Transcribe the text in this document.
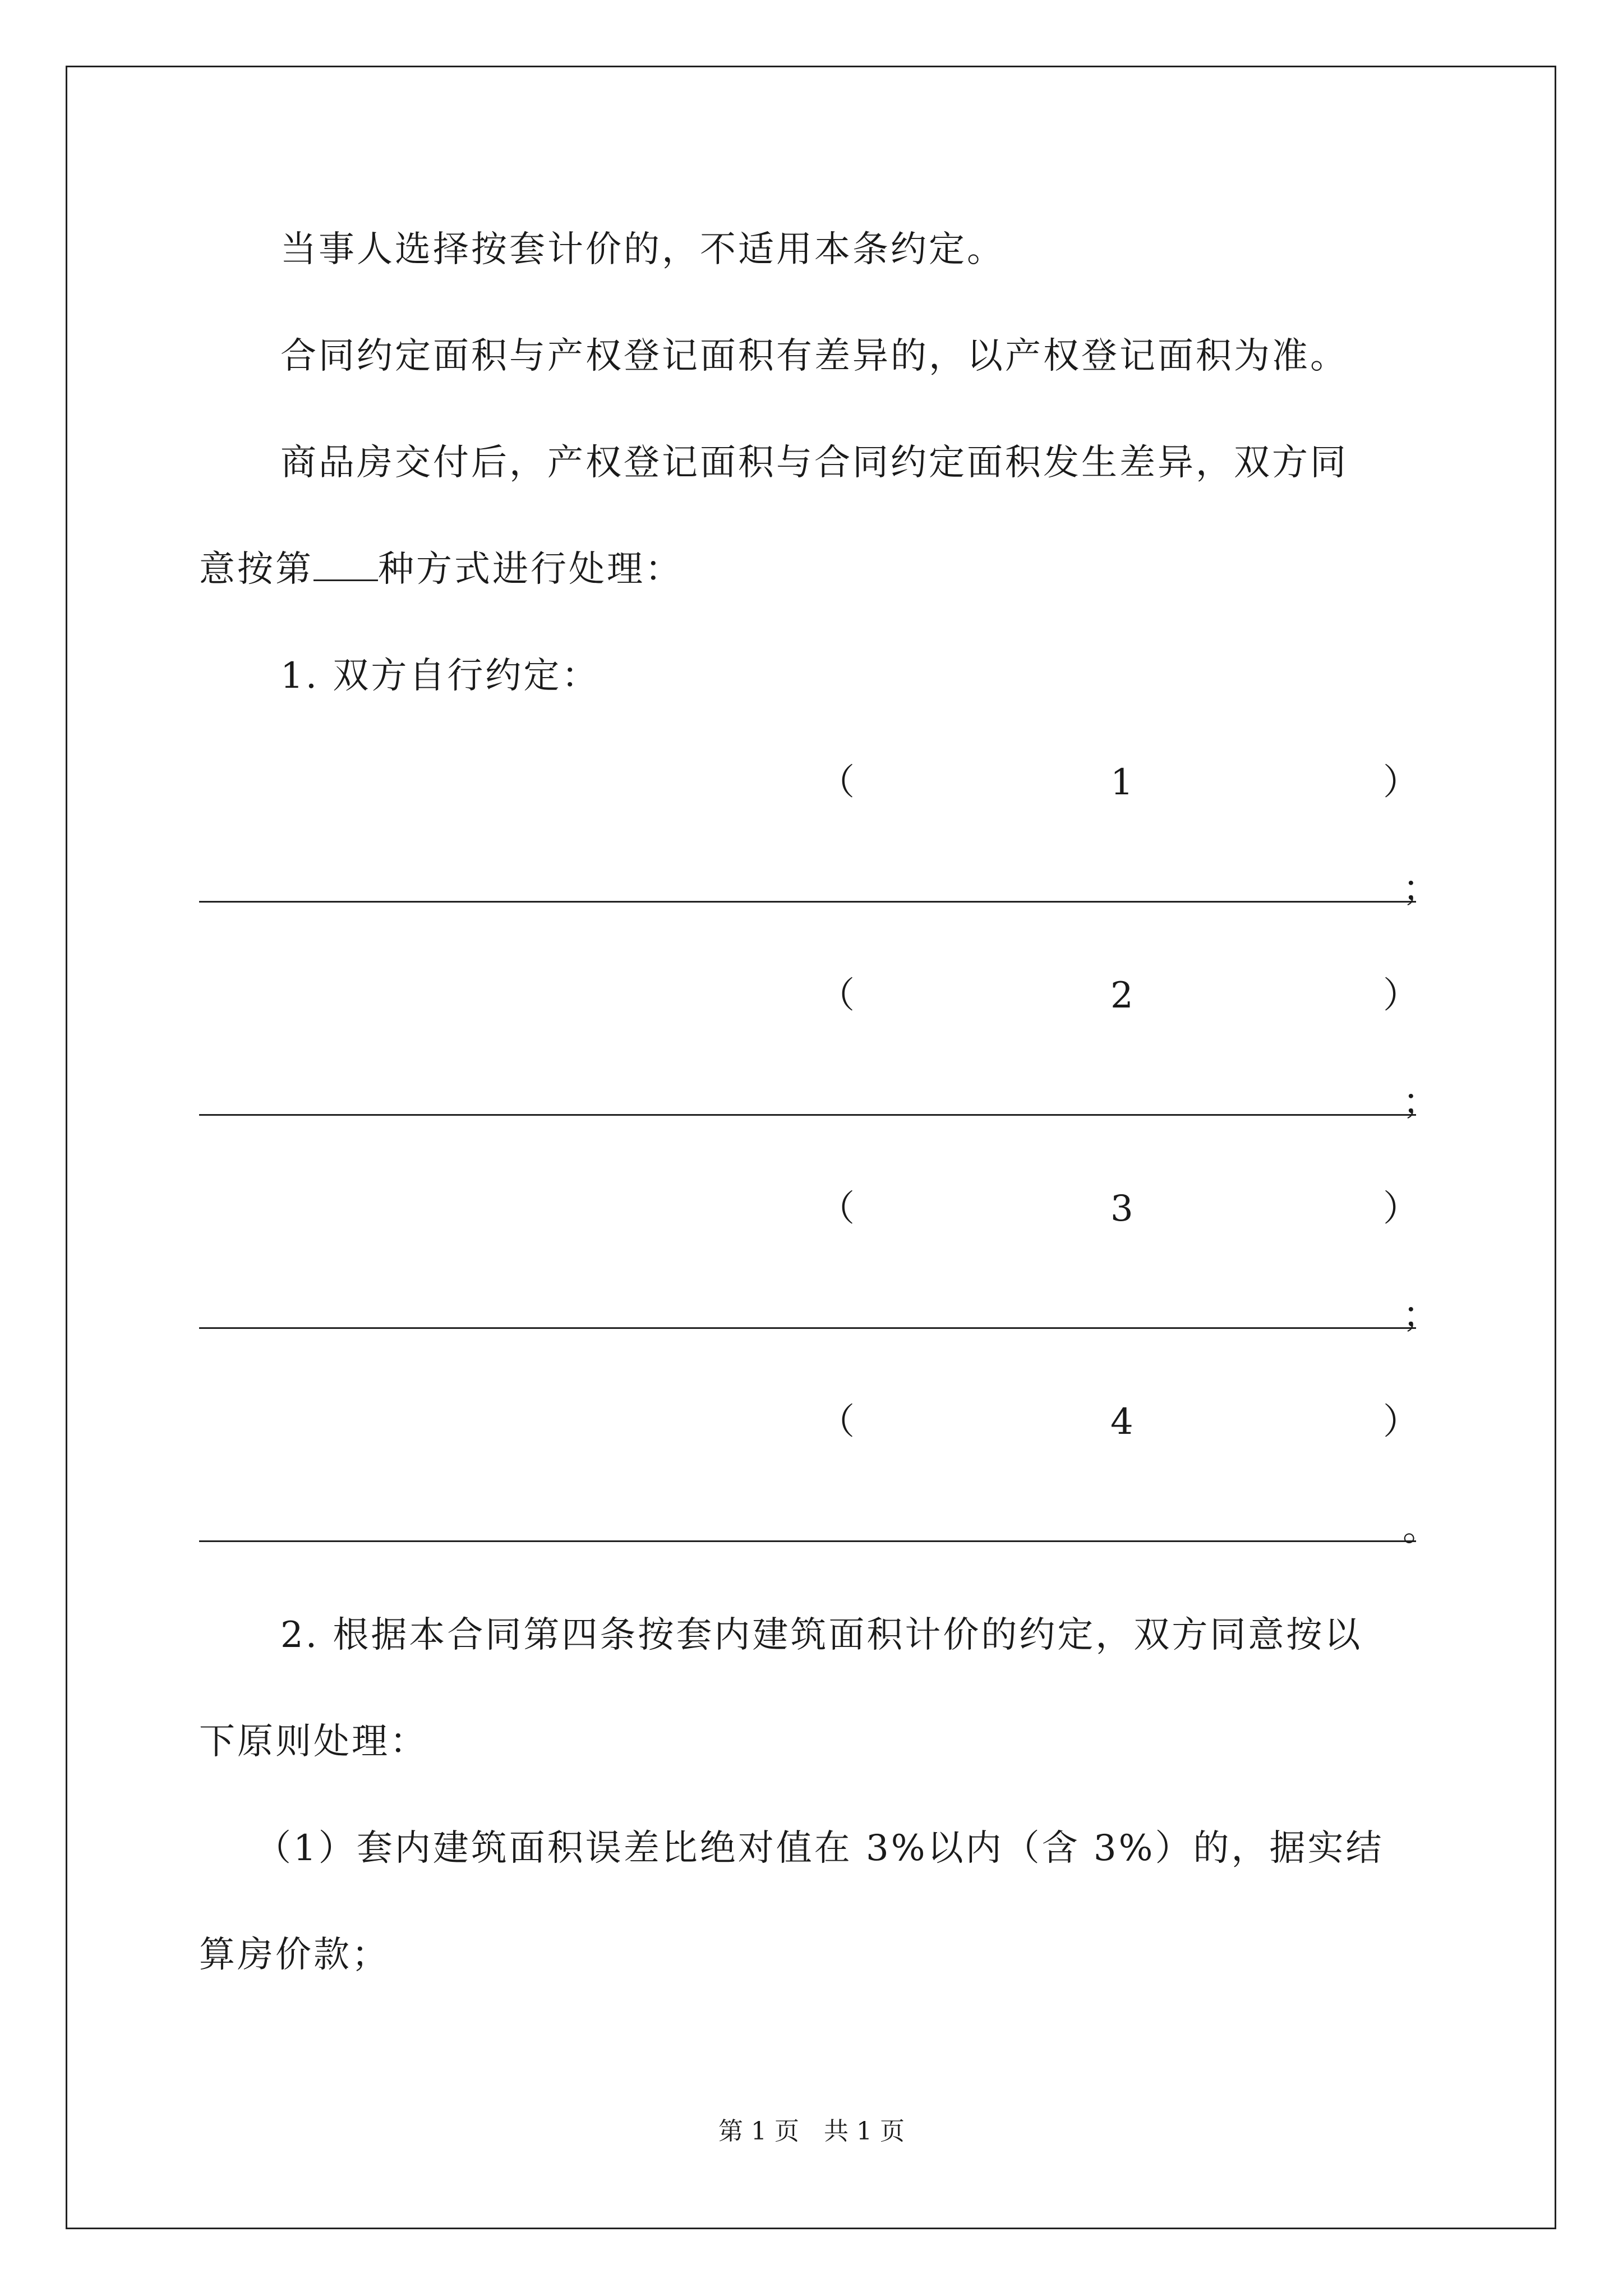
当事人选择按套计价的，不适用本条约定。
合同约定面积与产权登记面积有差异的，以产权登记面积为准。
商品房交付后，产权登记面积与合同约定面积发生差异，双方同
意按第 种方式进行处理：
1. 双方自行约定：
（	1	）
；
（	2	）
；
（	3	）
；
（	4	）
。
2. 根据本合同第四条按套内建筑面积计价的约定，双方同意按以
下原则处理：
（1）套内建筑面积误差比绝对值在 3%以内（含 3%）的，据实结
算房价款；
第 1 页　共 1 页
